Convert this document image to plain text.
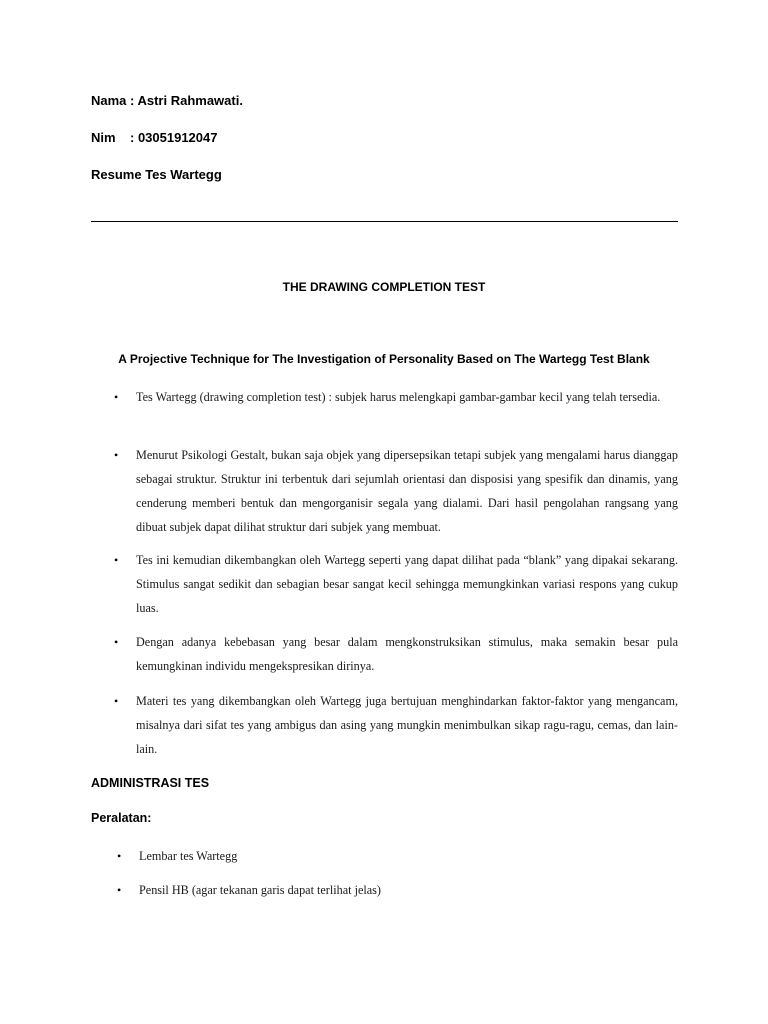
Nama : Astri Rahmawati.
Nim    : 03051912047
Resume Tes Wartegg
THE DRAWING COMPLETION TEST
A Projective Technique for The Investigation of Personality Based on The Wartegg Test Blank
•	Tes Wartegg (drawing completion test) : subjek harus melengkapi gambar-gambar kecil yang telah tersedia.
•	Menurut Psikologi Gestalt, bukan saja objek yang dipersepsikan tetapi subjek yang mengalami harus dianggap sebagai struktur. Struktur ini terbentuk dari sejumlah orientasi dan disposisi yang spesifik dan dinamis, yang cenderung memberi bentuk dan mengorganisir segala yang dialami. Dari hasil pengolahan rangsang yang dibuat subjek dapat dilihat struktur dari subjek yang membuat.
•	Tes ini kemudian dikembangkan oleh Wartegg seperti yang dapat dilihat pada “blank” yang dipakai sekarang. Stimulus sangat sedikit dan sebagian besar sangat kecil sehingga memungkinkan variasi respons yang cukup luas.
•	Dengan adanya kebebasan yang besar dalam mengkonstruksikan stimulus, maka semakin besar pula kemungkinan individu mengekspresikan dirinya.
•	Materi tes yang dikembangkan oleh Wartegg juga bertujuan menghindarkan faktor-faktor yang mengancam, misalnya dari sifat tes yang ambigus dan asing yang mungkin menimbulkan sikap ragu-ragu, cemas, dan lain-lain.
ADMINISTRASI TES
Peralatan:
•	Lembar tes Wartegg
•	Pensil HB (agar tekanan garis dapat terlihat jelas)
